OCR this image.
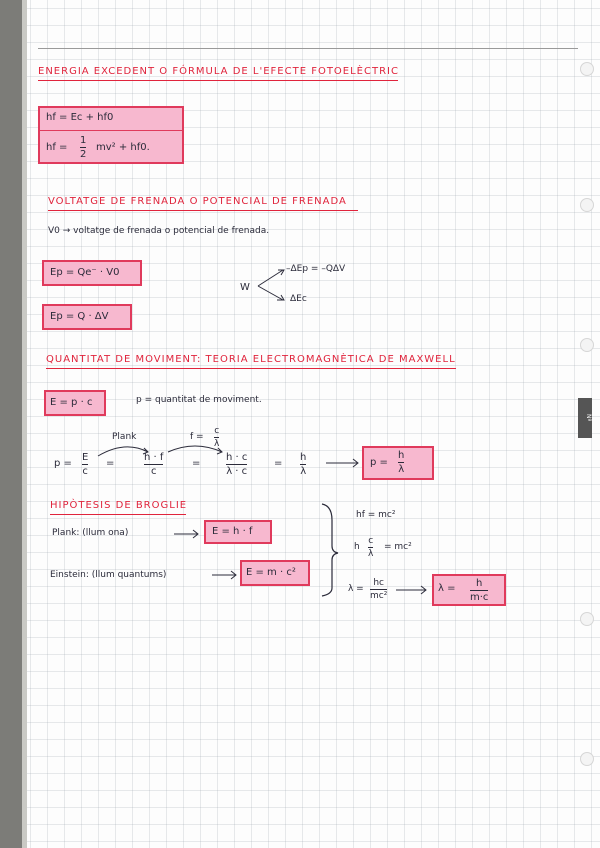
Nº
ENERGIA EXCEDENT O FÓRMULA DE L'EFECTE FOTOELÈCTRIC
hf = Ec + hf0
hf =
1
2
mv² + hf0.
VOLTATGE DE FRENADA O POTENCIAL DE FRENADA
V0 → voltatge de frenada o potencial de frenada.
Ep = Qe⁻ · V0
Ep = Q · ΔV
W
–ΔEp = –QΔV
ΔEc
QUANTITAT DE MOVIMENT: TEORIA ELECTROMAGNÈTICA DE MAXWELL
E = p · c	p = quantitat de moviment.
Plank	f =
c
λ
p =
E
c
=
h · f
c
=
h · c
λ · c
=
h
λ
p =
h
λ
HIPÒTESIS DE BROGLIE
Plank: (llum ona)	E = h · f
Einstein: (llum quantums)	E = m · c²
hf = mc²
h
c
λ
= mc²
λ =
hc
mc²
λ = h
m·c
